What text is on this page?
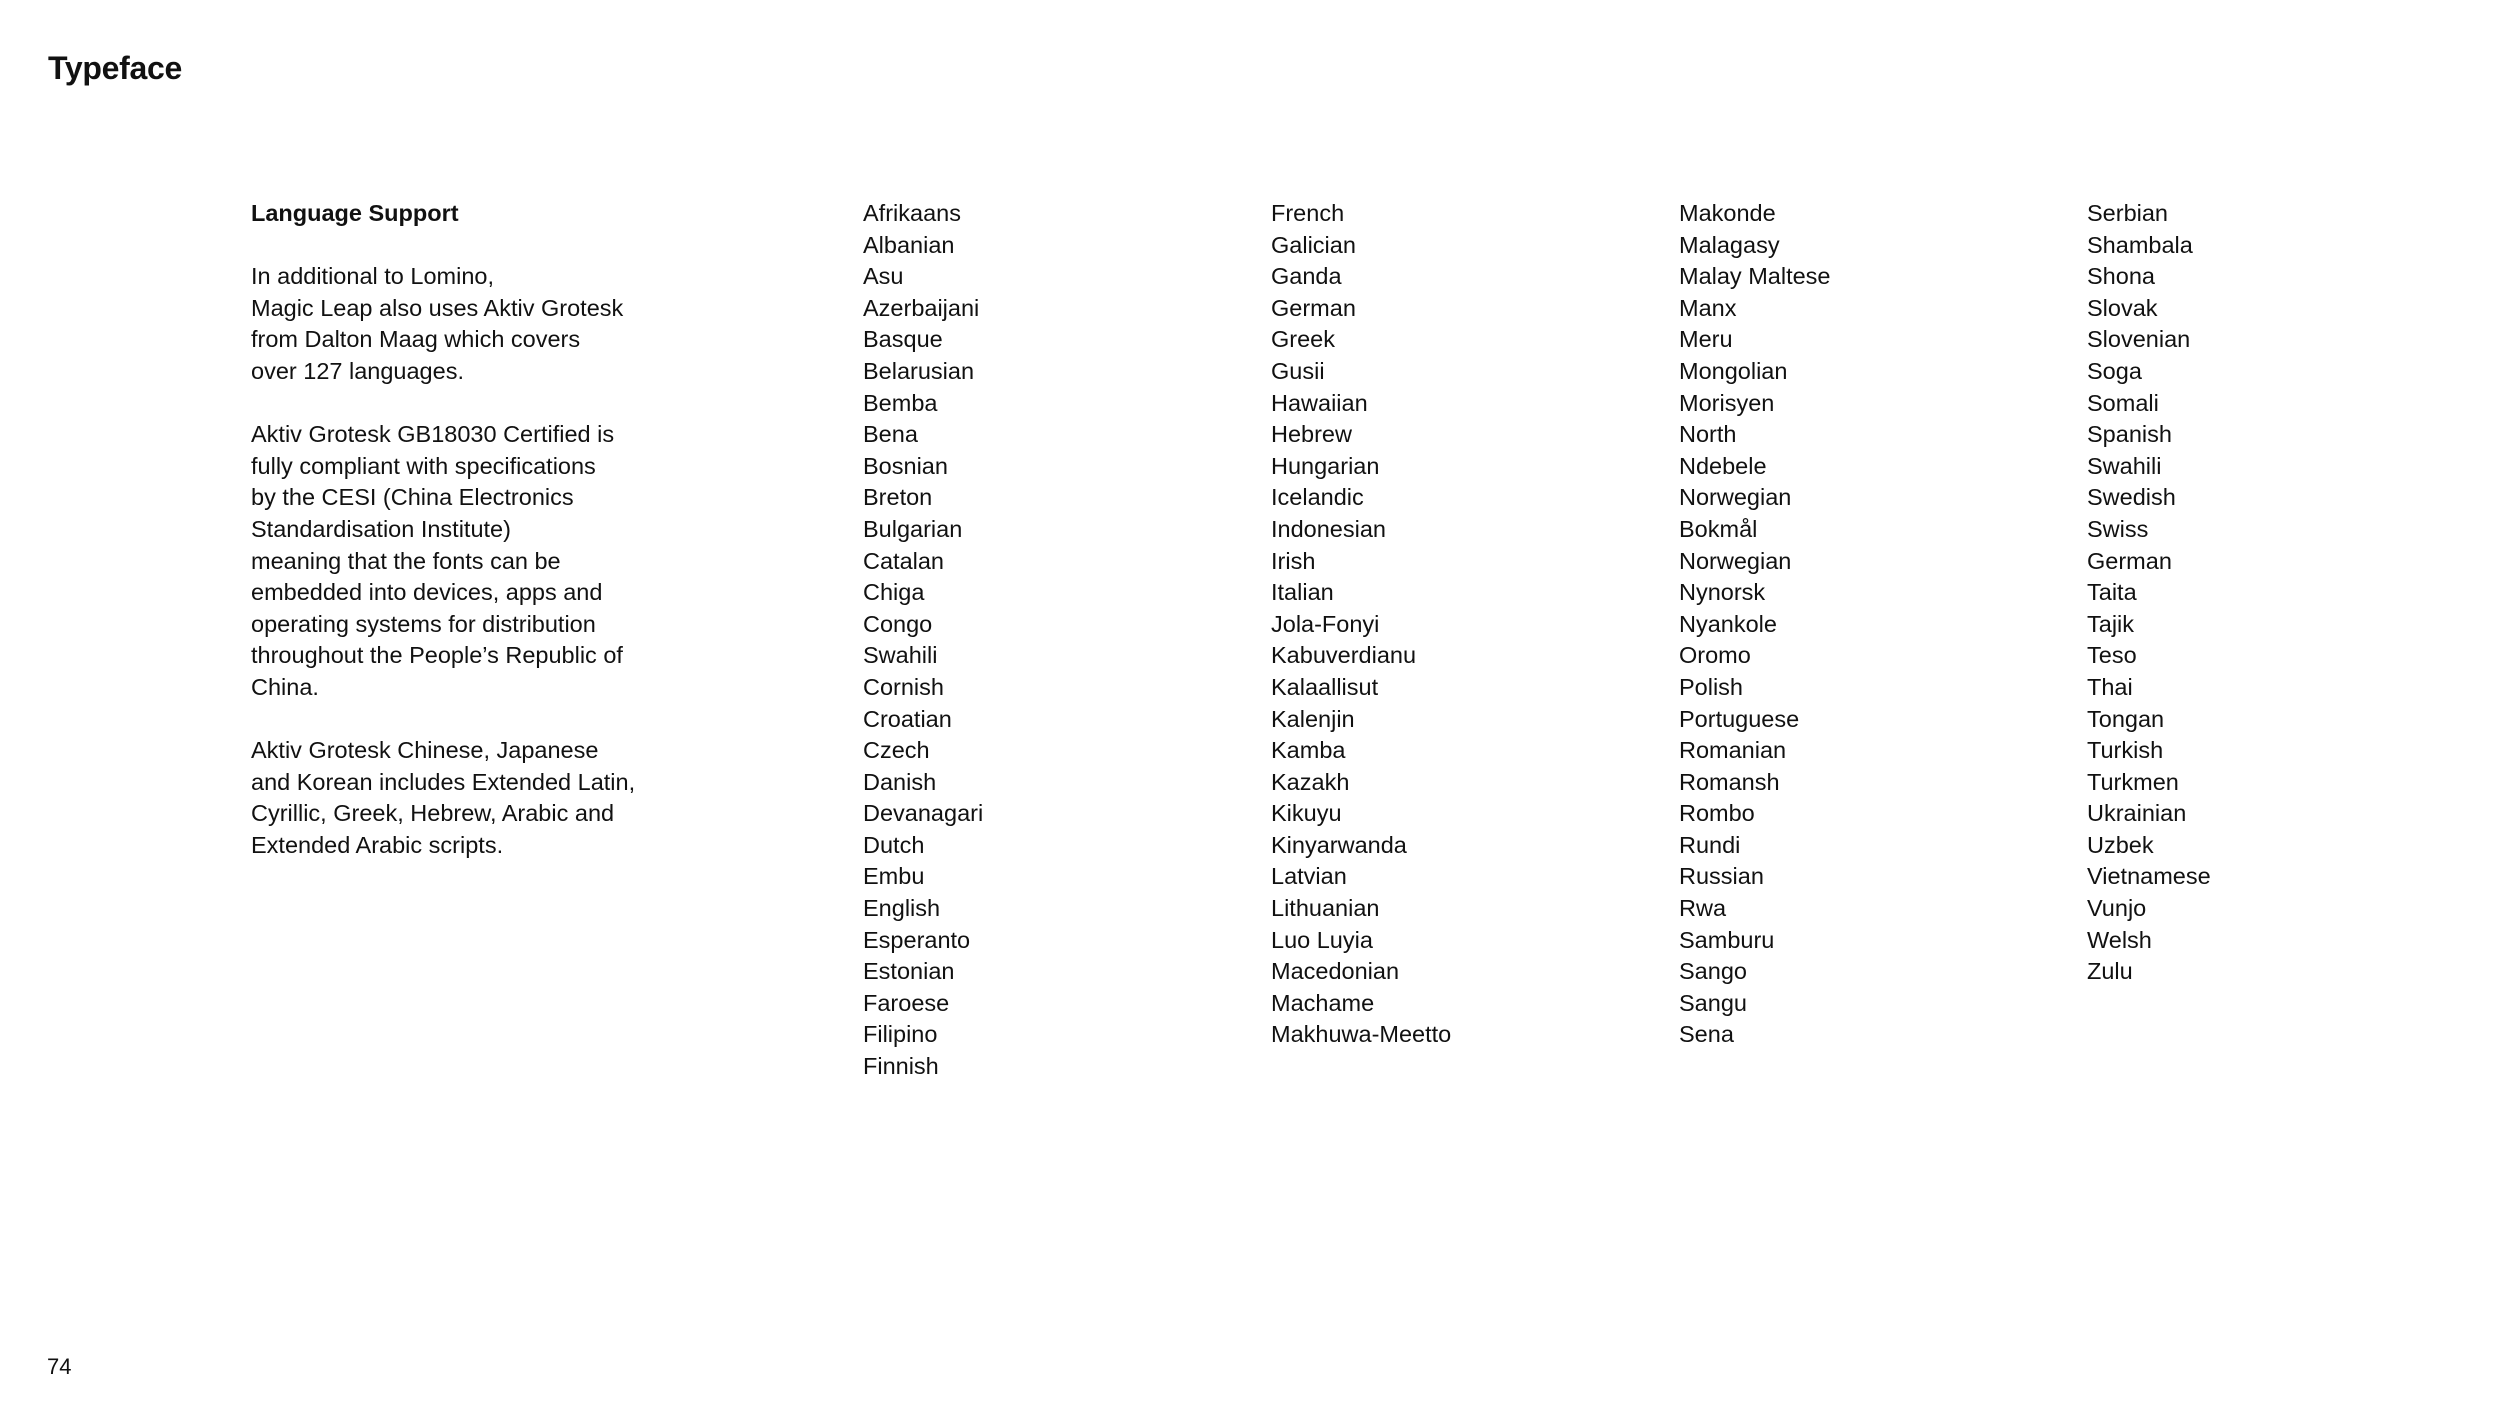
Typeface

Language Support

In additional to Lomino,
Magic Leap also uses Aktiv Grotesk
from Dalton Maag which covers
over 127 languages.

Aktiv Grotesk GB18030 Certified is
fully compliant with specifications
by the CESI (China Electronics
Standardisation Institute)
meaning that the fonts can be
embedded into devices, apps and
operating systems for distribution
throughout the People’s Republic of
China.

Aktiv Grotesk Chinese, Japanese
and Korean includes Extended Latin,
Cyrillic, Greek, Hebrew, Arabic and
Extended Arabic scripts.

Afrikaans
Albanian
Asu
Azerbaijani
Basque
Belarusian
Bemba
Bena
Bosnian
Breton
Bulgarian
Catalan
Chiga
Congo
Swahili
Cornish
Croatian
Czech
Danish
Devanagari
Dutch
Embu
English
Esperanto
Estonian
Faroese
Filipino
Finnish
French
Galician
Ganda
German
Greek
Gusii
Hawaiian
Hebrew
Hungarian
Icelandic
Indonesian
Irish
Italian
Jola-Fonyi
Kabuverdianu
Kalaallisut
Kalenjin
Kamba
Kazakh
Kikuyu
Kinyarwanda
Latvian
Lithuanian
Luo Luyia
Macedonian
Machame
Makhuwa-Meetto
Makonde
Malagasy
Malay Maltese
Manx
Meru
Mongolian
Morisyen
North
Ndebele
Norwegian
Bokmål
Norwegian
Nynorsk
Nyankole
Oromo
Polish
Portuguese
Romanian
Romansh
Rombo
Rundi
Russian
Rwa
Samburu
Sango
Sangu
Sena
Serbian
Shambala
Shona
Slovak
Slovenian
Soga
Somali
Spanish
Swahili
Swedish
Swiss
German
Taita
Tajik
Teso
Thai
Tongan
Turkish
Turkmen
Ukrainian
Uzbek
Vietnamese
Vunjo
Welsh
Zulu
74
